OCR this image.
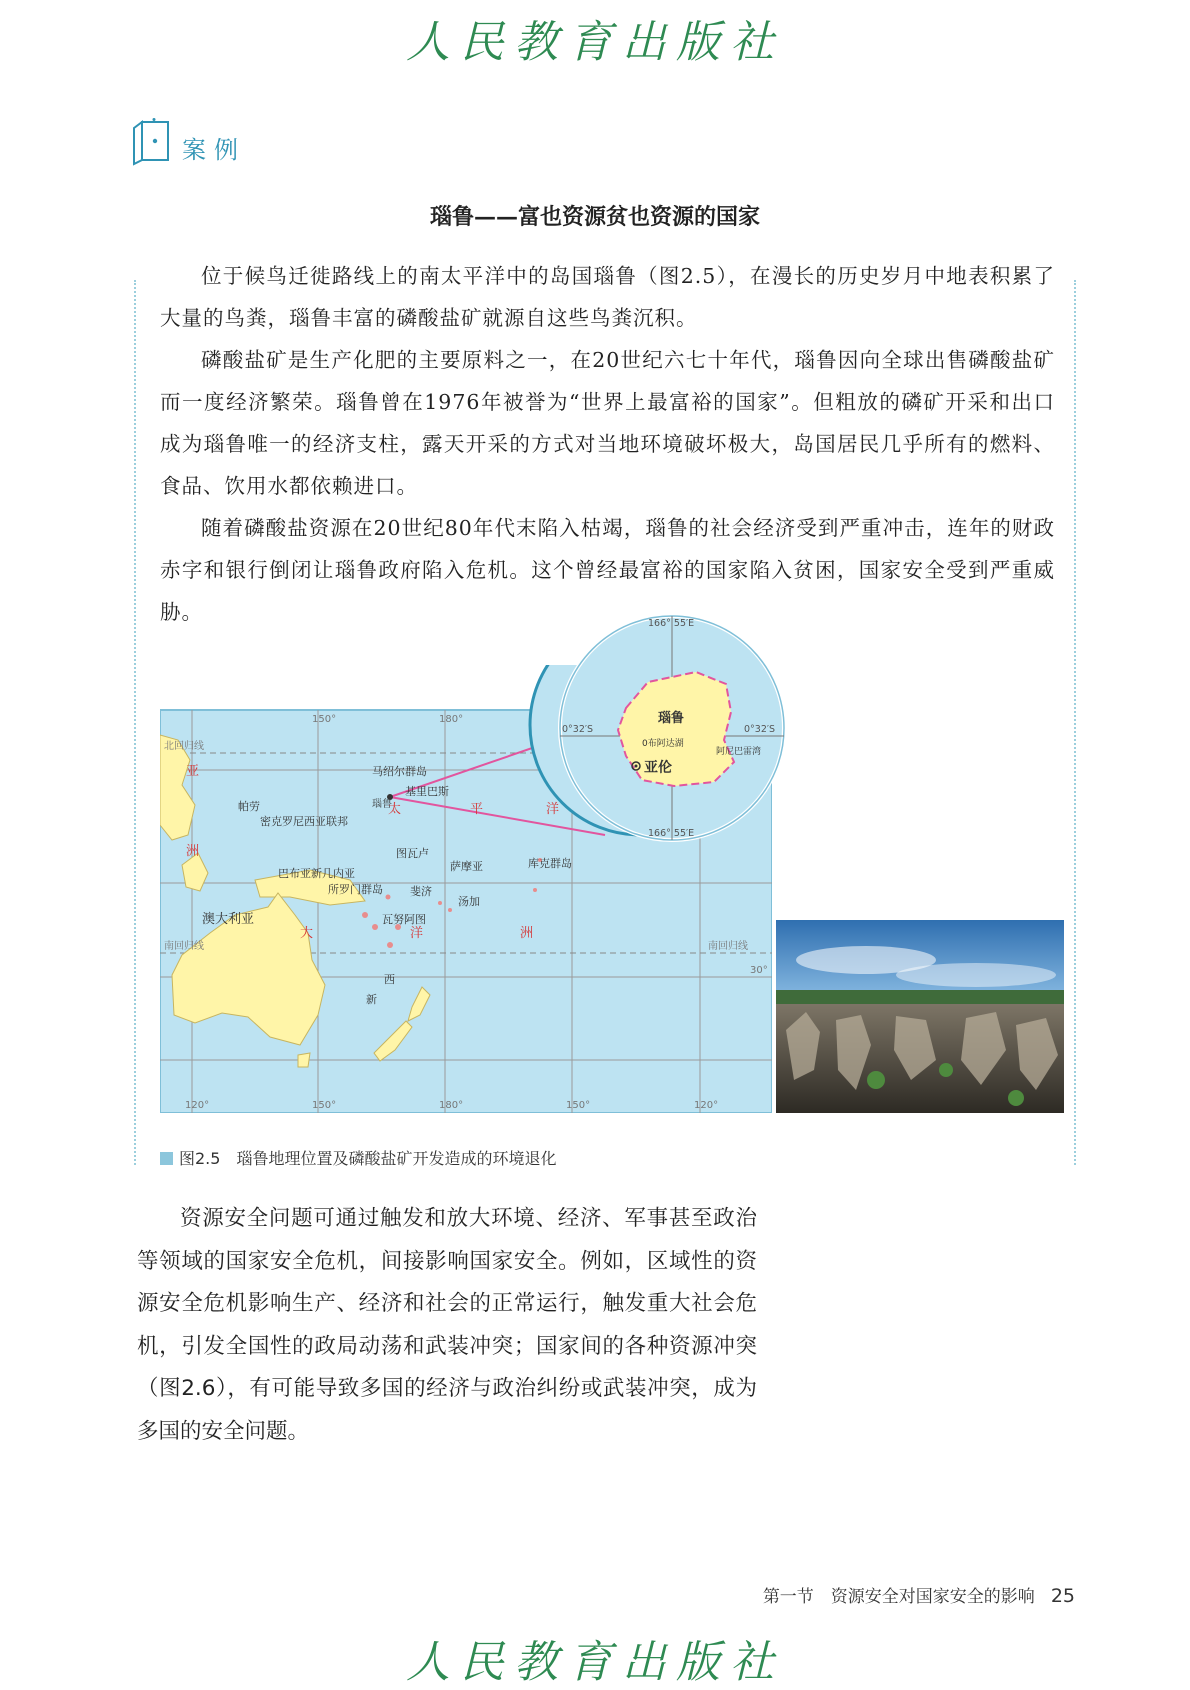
人民教育出版社
案例
瑙鲁——富也资源贫也资源的国家

位于候鸟迁徙路线上的南太平洋中的岛国瑙鲁（图2.5），在漫长的历史岁月中地表积累了大量的鸟粪，瑙鲁丰富的磷酸盐矿就源自这些鸟粪沉积。

磷酸盐矿是生产化肥的主要原料之一，在20世纪六七十年代，瑙鲁因向全球出售磷酸盐矿而一度经济繁荣。瑙鲁曾在1976年被誉为“世界上最富裕的国家”。但粗放的磷矿开采和出口成为瑙鲁唯一的经济支柱，露天开采的方式对当地环境破坏极大，岛国居民几乎所有的燃料、食品、饮用水都依赖进口。

随着磷酸盐资源在20世纪80年代末陷入枯竭，瑙鲁的社会经济受到严重冲击，连年的财政赤字和银行倒闭让瑙鲁政府陷入危机。这个曾经最富裕的国家陷入贫困，国家安全受到严重威胁。

150°	180°
120°	150°	180°	150°	120°
北回归线
南回归线	南回归线
30°
亚
洲
帕劳
密克罗尼西亚联邦
马绍尔群岛
基里巴斯
瑙鲁
巴布亚新几内亚
所罗门群岛
瓦努阿图
图瓦卢
萨摩亚
斐济
汤加
库克群岛
澳大利亚
新
西
太	平	洋
大	洋	洲
166° 55′E
166° 55′E
0°32′S	0°32′S
瑙鲁
0布阿达湖
阿尼巴雷湾
亚伦
图2.5　 瑙鲁地理位置及磷酸盐矿开发造成的环境退化

资源安全问题可通过触发和放大环境、经济、军事甚至政治等领域的国家安全危机，间接影响国家安全。例如，区域性的资源安全危机影响生产、经济和社会的正常运行，触发重大社会危机，引发全国性的政局动荡和武装冲突；国家间的各种资源冲突（图2.6），有可能导致多国的经济与政治纠纷或武装冲突，成为多国的安全问题。

第一节　资源安全对国家安全的影响 25
人民教育出版社
